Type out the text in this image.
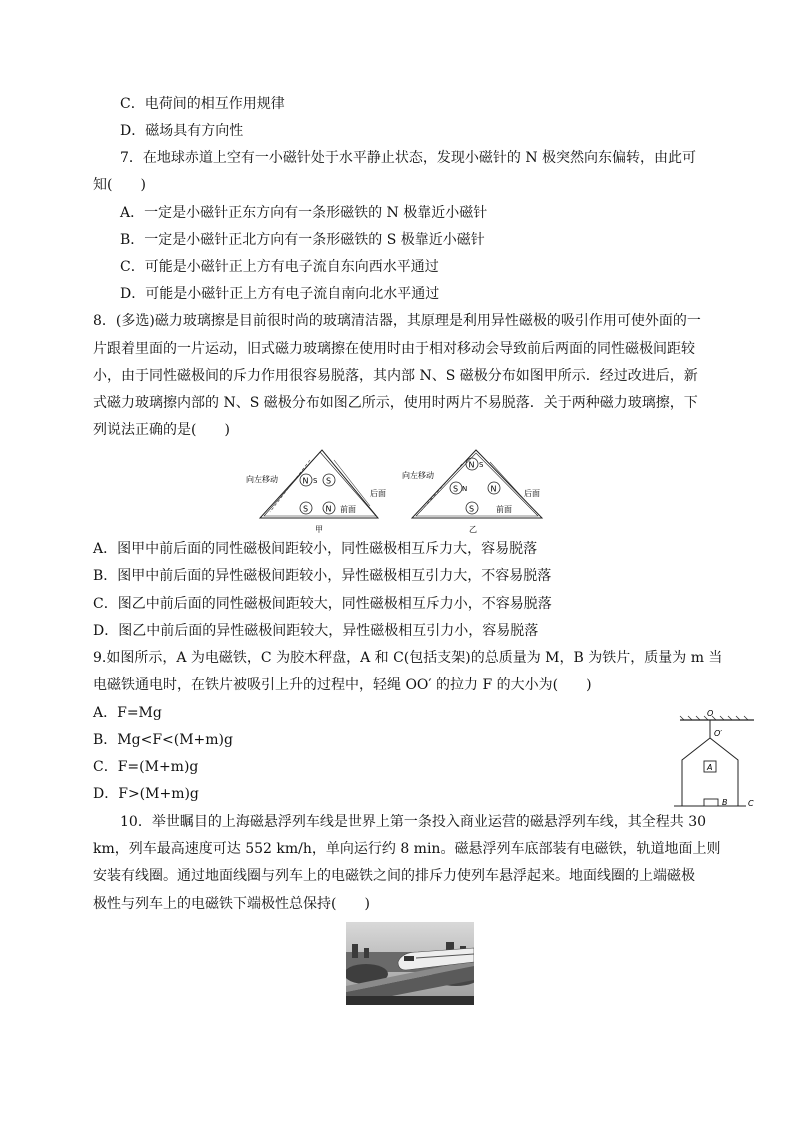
C．电荷间的相互作用规律
D．磁场具有方向性
7．在地球赤道上空有一小磁针处于水平静止状态，发现小磁针的 N 极突然向东偏转，由此可
知(　　)
A．一定是小磁针正东方向有一条形磁铁的 N 极靠近小磁针
B．一定是小磁针正北方向有一条形磁铁的 S 极靠近小磁针
C．可能是小磁针正上方有电子流自东向西水平通过
D．可能是小磁针正上方有电子流自南向北水平通过
8．(多选)磁力玻璃擦是目前很时尚的玻璃清洁器，其原理是利用异性磁极的吸引作用可使外面的一
片跟着里面的一片运动，旧式磁力玻璃擦在使用时由于相对移动会导致前后两面的同性磁极间距较
小，由于同性磁极间的斥力作用很容易脱落，其内部 N、S 磁极分布如图甲所示．经过改进后，新
式磁力玻璃擦内部的 N、S 磁极分布如图乙所示，使用时两片不易脱落．关于两种磁力玻璃擦，下
列说法正确的是(　　)
N S S
S N
向左移动
后面
前面
甲
N S
S N	N
S
向左移动
后面
前面
乙
A．图甲中前后面的同性磁极间距较小，同性磁极相互斥力大，容易脱落
B．图甲中前后面的异性磁极间距较小，异性磁极相互引力大，不容易脱落
C．图乙中前后面的同性磁极间距较大，同性磁极相互斥力小，不容易脱落
D．图乙中前后面的异性磁极间距较大，异性磁极相互引力小，容易脱落
9.如图所示，A 为电磁铁，C 为胶木秤盘，A 和 C(包括支架)的总质量为 M，B 为铁片，质量为 m 当
电磁铁通电时，在铁片被吸引上升的过程中，轻绳 OO′ 的拉力 F 的大小为(　　)
A．F=Mg
B．Mg<F<(M+m)g
C．F=(M+m)g
D．F>(M+m)g
O
O′
A
B	C
10．举世瞩目的上海磁悬浮列车线是世界上第一条投入商业运营的磁悬浮列车线，其全程共 30
km，列车最高速度可达 552 km/h，单向运行约 8 min。磁悬浮列车底部装有电磁铁，轨道地面上则
安装有线圈。通过地面线圈与列车上的电磁铁之间的排斥力使列车悬浮起来。地面线圈的上端磁极
极性与列车上的电磁铁下端极性总保持(　　)
